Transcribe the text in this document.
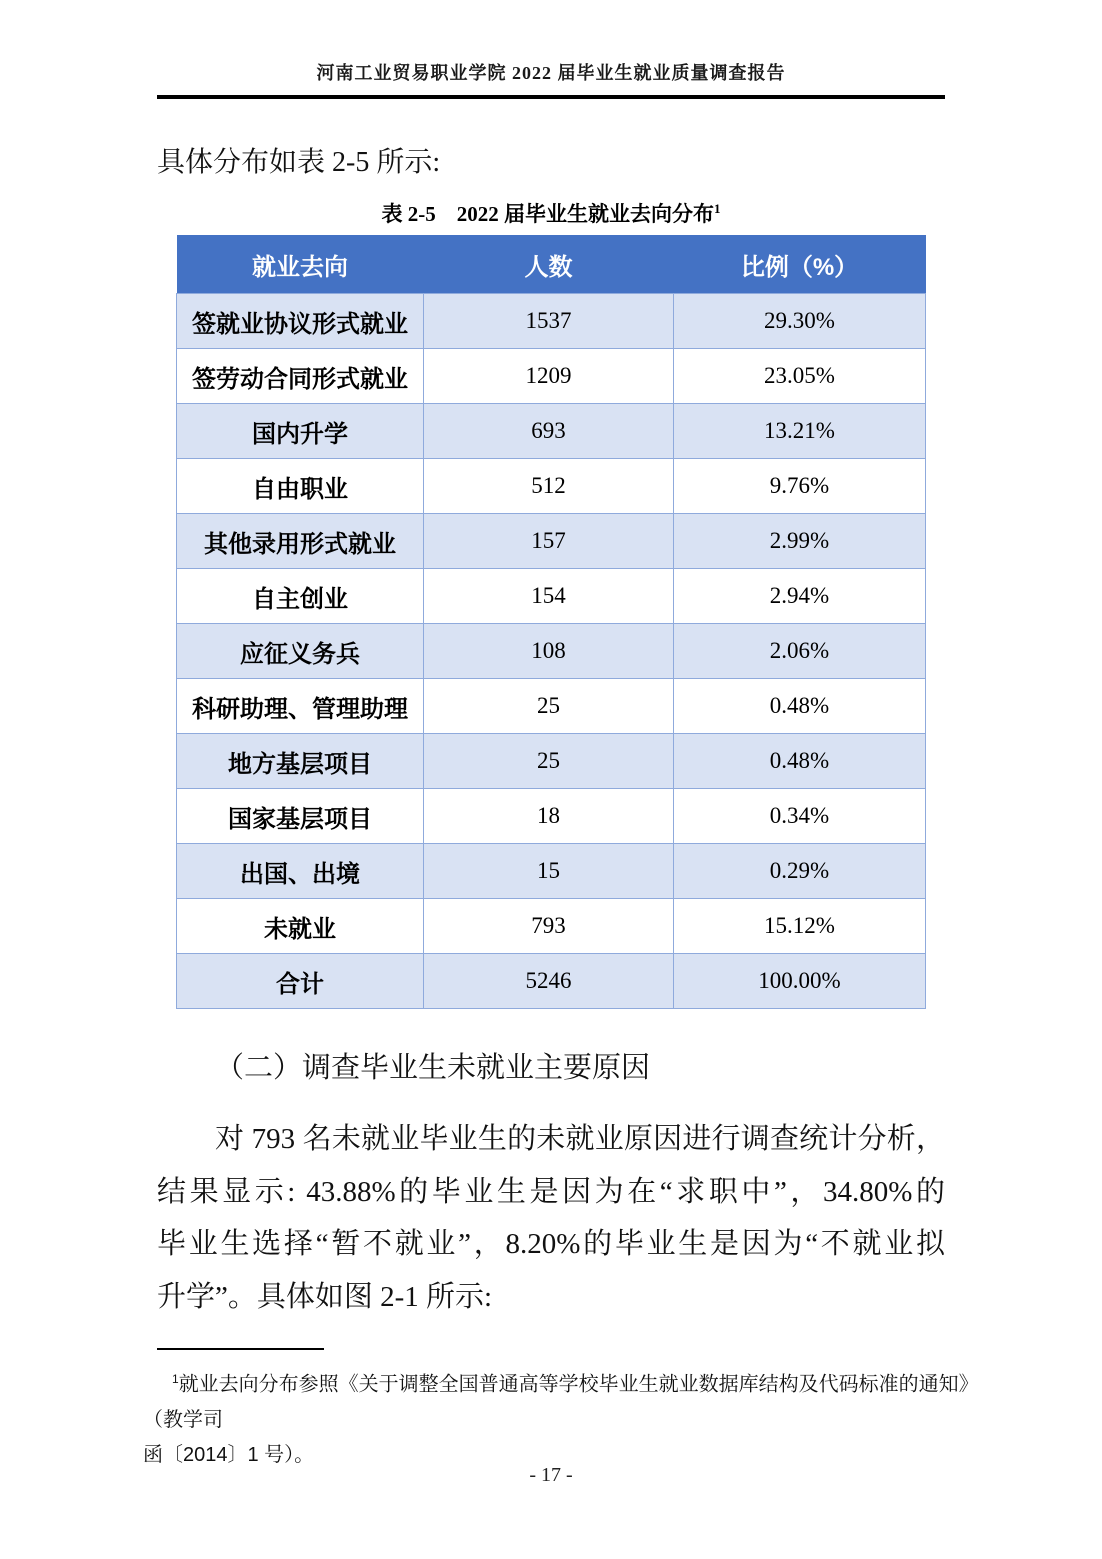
河南工业贸易职业学院 2022 届毕业生就业质量调查报告
具体分布如表 2-5 所示:
表 2-5　2022 届毕业生就业去向分布$^1$
就业去向	人数	比例（%）
签就业协议形式就业	1537	29.30%
签劳动合同形式就业	1209	23.05%
国内升学	693	13.21%
自由职业	512	9.76%
其他录用形式就业	157	2.99%
自主创业	154	2.94%
应征义务兵	108	2.06%
科研助理、管理助理	25	0.48%
地方基层项目	25	0.48%
国家基层项目	18	0.34%
出国、出境	15	0.29%
未就业	793	15.12%
合计	5246	100.00%
（二）调查毕业生未就业主要原因
对 793 名未就业毕业生的未就业原因进行调查统计分析，
结果显示: 43.88%的毕业生是因为在“求职中”，34.80%的
毕业生选择“暂不就业”，8.20%的毕业生是因为“不就业拟
升学”。具体如图 2-1 所示:
$^1$就业去向分布参照《关于调整全国普通高等学校毕业生就业数据库结构及代码标准的通知》（教学司
函〔2014〕1 号）。
- 17 -
